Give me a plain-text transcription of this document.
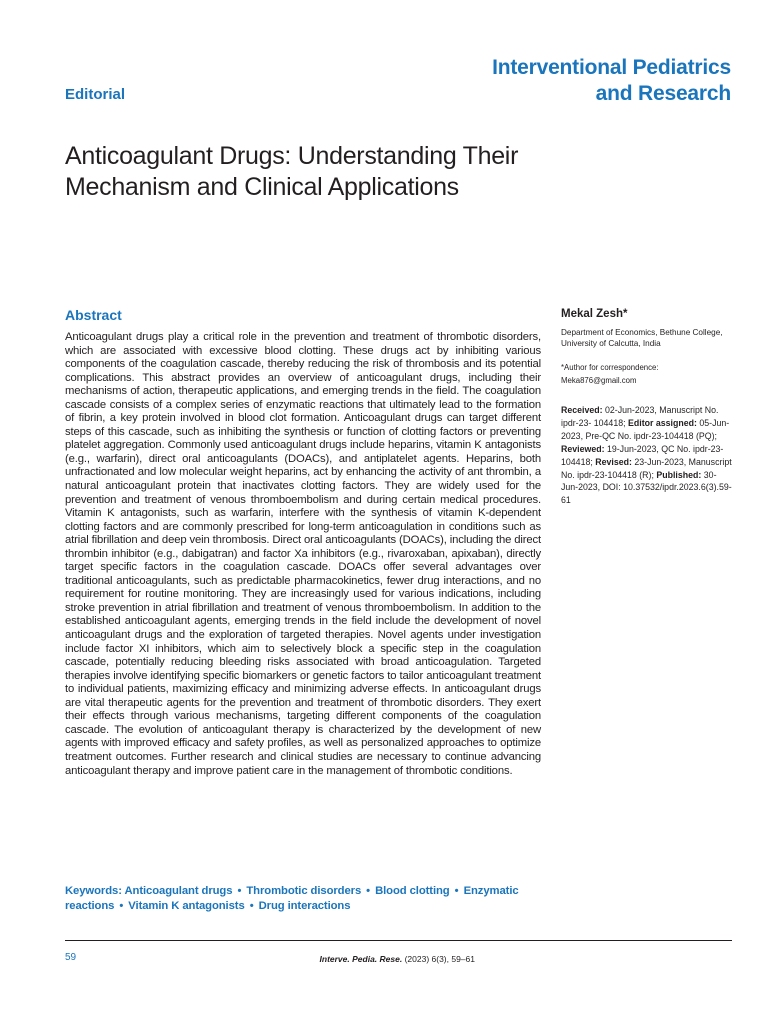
Interventional Pediatrics
and Research
Editorial
Anticoagulant Drugs: Understanding Their Mechanism and Clinical Applications
Abstract

Anticoagulant drugs play a critical role in the prevention and treatment of thrombotic disorders, which are associated with excessive blood clotting. These drugs act by inhibiting various components of the coagulation cascade, thereby reducing the risk of thrombosis and its potential complications. This abstract provides an overview of anticoagulant drugs, including their mechanisms of action, therapeutic applications, and emerging trends in the field. The coagulation cascade consists of a complex series of enzymatic reactions that ultimately lead to the formation of fibrin, a key protein involved in blood clot formation. Anticoagulant drugs can target different steps of this cascade, such as inhibiting the synthesis or function of clotting factors or preventing platelet aggregation. Commonly used anticoagulant drugs include heparins, vitamin K antagonists (e.g., warfarin), direct oral anticoagulants (DOACs), and antiplatelet agents. Heparins, both unfractionated and low molecular weight heparins, act by enhancing the activity of ant thrombin, a natural anticoagulant protein that inactivates clotting factors. They are widely used for the prevention and treatment of venous thromboembolism and during certain medical procedures. Vitamin K antagonists, such as warfarin, interfere with the synthesis of vitamin K-dependent clotting factors and are commonly prescribed for long-term anticoagulation in conditions such as atrial fibrillation and deep vein thrombosis. Direct oral anticoagulants (DOACs), including the direct thrombin inhibitor (e.g., dabigatran) and factor Xa inhibitors (e.g., rivaroxaban, apixaban), directly target specific factors in the coagulation cascade. DOACs offer several advantages over traditional anticoagulants, such as predictable pharmacokinetics, fewer drug interactions, and no requirement for routine monitoring. They are increasingly used for various indications, including stroke prevention in atrial fibrillation and treatment of venous thromboembolism. In addition to the established anticoagulant agents, emerging trends in the field include the development of novel anticoagulant drugs and the exploration of targeted therapies. Novel agents under investigation include factor XI inhibitors, which aim to selectively block a specific step in the coagulation cascade, potentially reducing bleeding risks associated with broad anticoagulation. Targeted therapies involve identifying specific biomarkers or genetic factors to tailor anticoagulant treatment to individual patients, maximizing efficacy and minimizing adverse effects. In anticoagulant drugs are vital therapeutic agents for the prevention and treatment of thrombotic disorders. They exert their effects through various mechanisms, targeting different components of the coagulation cascade. The evolution of anticoagulant therapy is characterized by the development of new agents with improved efficacy and safety profiles, as well as personalized approaches to optimize treatment outcomes. Further research and clinical studies are necessary to continue advancing anticoagulant therapy and improve patient care in the management of thrombotic conditions.

Keywords: Anticoagulant drugs • Thrombotic disorders • Blood clotting • Enzymatic reactions • Vitamin K antagonists • Drug interactions
Mekal Zesh*
Department of Economics, Bethune College, University of Calcutta, India
*Author for correspondence:
Meka876@gmail.com
Received: 02-Jun-2023, Manuscript No. ipdr-23- 104418; Editor assigned: 05-Jun-2023, Pre-QC No. ipdr-23-104418 (PQ); Reviewed: 19-Jun-2023, QC No. ipdr-23-104418; Revised: 23-Jun-2023, Manuscript No. ipdr-23-104418 (R); Published: 30-Jun-2023, DOI: 10.37532/ipdr.2023.6(3).59-61
59	Interve. Pedia. Rese. (2023) 6(3), 59–61
